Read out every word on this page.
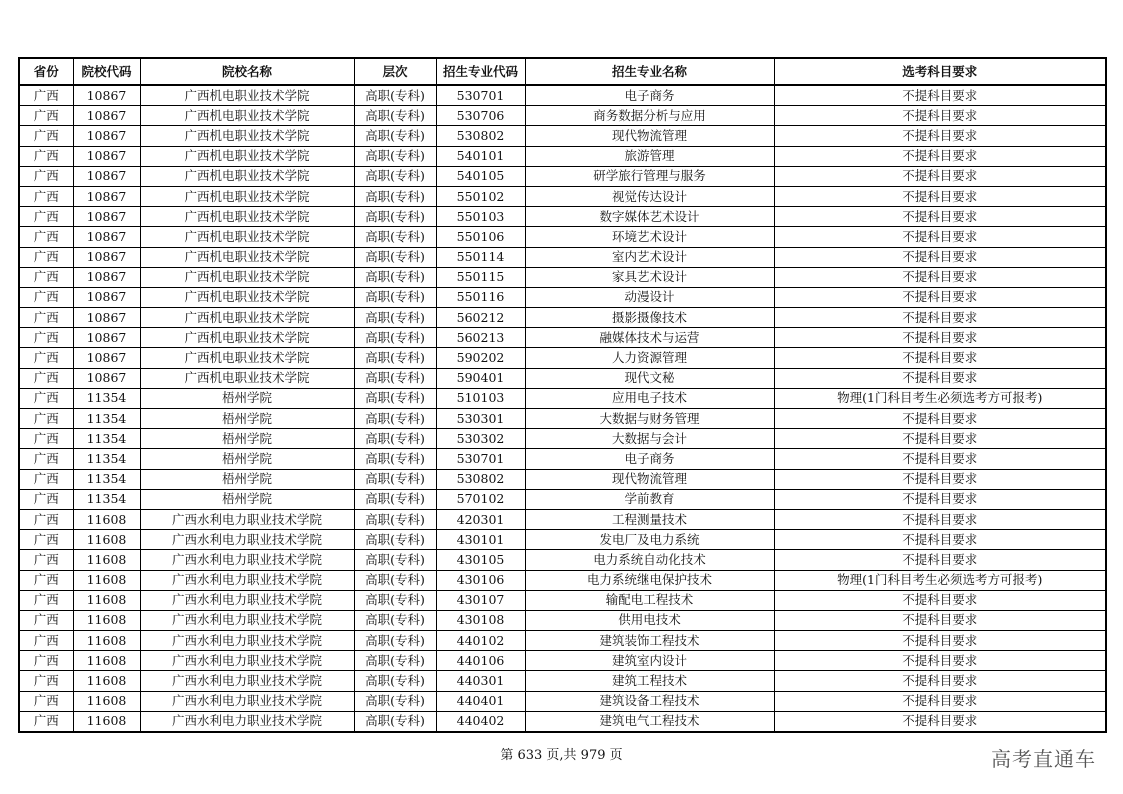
省份	院校代码	院校名称	层次	招生专业代码	招生专业名称	选考科目要求
广西	10867	广西机电职业技术学院	高职(专科)	530701	电子商务	不提科目要求
广西	10867	广西机电职业技术学院	高职(专科)	530706	商务数据分析与应用	不提科目要求
广西	10867	广西机电职业技术学院	高职(专科)	530802	现代物流管理	不提科目要求
广西	10867	广西机电职业技术学院	高职(专科)	540101	旅游管理	不提科目要求
广西	10867	广西机电职业技术学院	高职(专科)	540105	研学旅行管理与服务	不提科目要求
广西	10867	广西机电职业技术学院	高职(专科)	550102	视觉传达设计	不提科目要求
广西	10867	广西机电职业技术学院	高职(专科)	550103	数字媒体艺术设计	不提科目要求
广西	10867	广西机电职业技术学院	高职(专科)	550106	环境艺术设计	不提科目要求
广西	10867	广西机电职业技术学院	高职(专科)	550114	室内艺术设计	不提科目要求
广西	10867	广西机电职业技术学院	高职(专科)	550115	家具艺术设计	不提科目要求
广西	10867	广西机电职业技术学院	高职(专科)	550116	动漫设计	不提科目要求
广西	10867	广西机电职业技术学院	高职(专科)	560212	摄影摄像技术	不提科目要求
广西	10867	广西机电职业技术学院	高职(专科)	560213	融媒体技术与运营	不提科目要求
广西	10867	广西机电职业技术学院	高职(专科)	590202	人力资源管理	不提科目要求
广西	10867	广西机电职业技术学院	高职(专科)	590401	现代文秘	不提科目要求
广西	11354	梧州学院	高职(专科)	510103	应用电子技术	物理(1门科目考生必须选考方可报考)
广西	11354	梧州学院	高职(专科)	530301	大数据与财务管理	不提科目要求
广西	11354	梧州学院	高职(专科)	530302	大数据与会计	不提科目要求
广西	11354	梧州学院	高职(专科)	530701	电子商务	不提科目要求
广西	11354	梧州学院	高职(专科)	530802	现代物流管理	不提科目要求
广西	11354	梧州学院	高职(专科)	570102	学前教育	不提科目要求
广西	11608	广西水利电力职业技术学院	高职(专科)	420301	工程测量技术	不提科目要求
广西	11608	广西水利电力职业技术学院	高职(专科)	430101	发电厂及电力系统	不提科目要求
广西	11608	广西水利电力职业技术学院	高职(专科)	430105	电力系统自动化技术	不提科目要求
广西	11608	广西水利电力职业技术学院	高职(专科)	430106	电力系统继电保护技术	物理(1门科目考生必须选考方可报考)
广西	11608	广西水利电力职业技术学院	高职(专科)	430107	输配电工程技术	不提科目要求
广西	11608	广西水利电力职业技术学院	高职(专科)	430108	供用电技术	不提科目要求
广西	11608	广西水利电力职业技术学院	高职(专科)	440102	建筑装饰工程技术	不提科目要求
广西	11608	广西水利电力职业技术学院	高职(专科)	440106	建筑室内设计	不提科目要求
广西	11608	广西水利电力职业技术学院	高职(专科)	440301	建筑工程技术	不提科目要求
广西	11608	广西水利电力职业技术学院	高职(专科)	440401	建筑设备工程技术	不提科目要求
广西	11608	广西水利电力职业技术学院	高职(专科)	440402	建筑电气工程技术	不提科目要求
第 633 页,共 979 页	高考直通车
